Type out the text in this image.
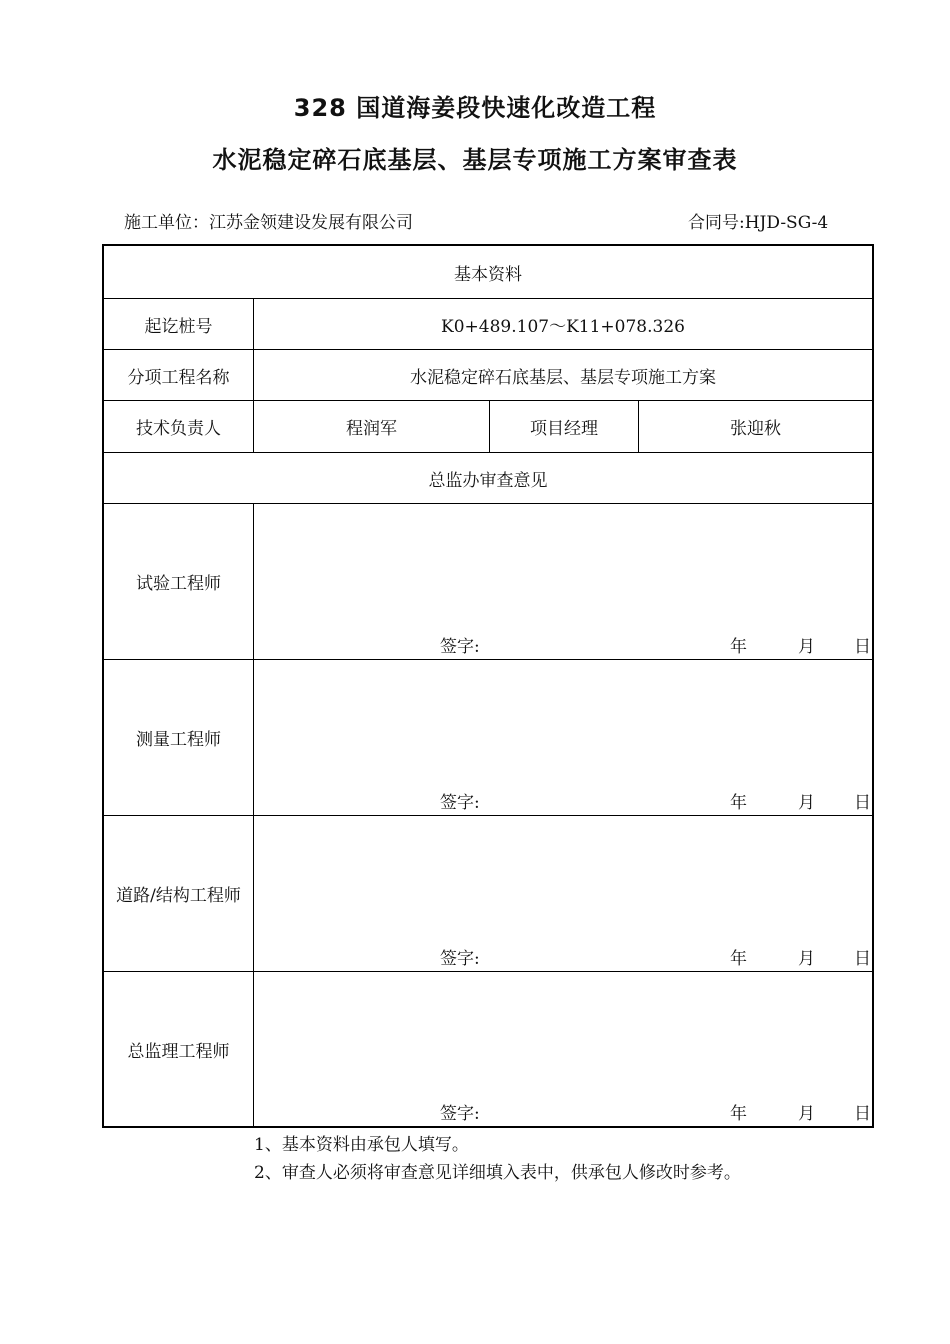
328 国道海姜段快速化改造工程
水泥稳定碎石底基层、基层专项施工方案审查表
施工单位：江苏金领建设发展有限公司	合同号:HJD-SG-4
基本资料
起讫桩号	K0+489.107～K11+078.326
分项工程名称	水泥稳定碎石底基层、基层专项施工方案
技术负责人	程润军	项目经理	张迎秋
总监办审查意见
试验工程师
签字:	年	月 日
测量工程师
签字:	年	月 日
道路/结构工程师
签字:	年	月 日
总监理工程师
签字:	年	月 日
1、基本资料由承包人填写。
2、审查人必须将审查意见详细填入表中，供承包人修改时参考。
